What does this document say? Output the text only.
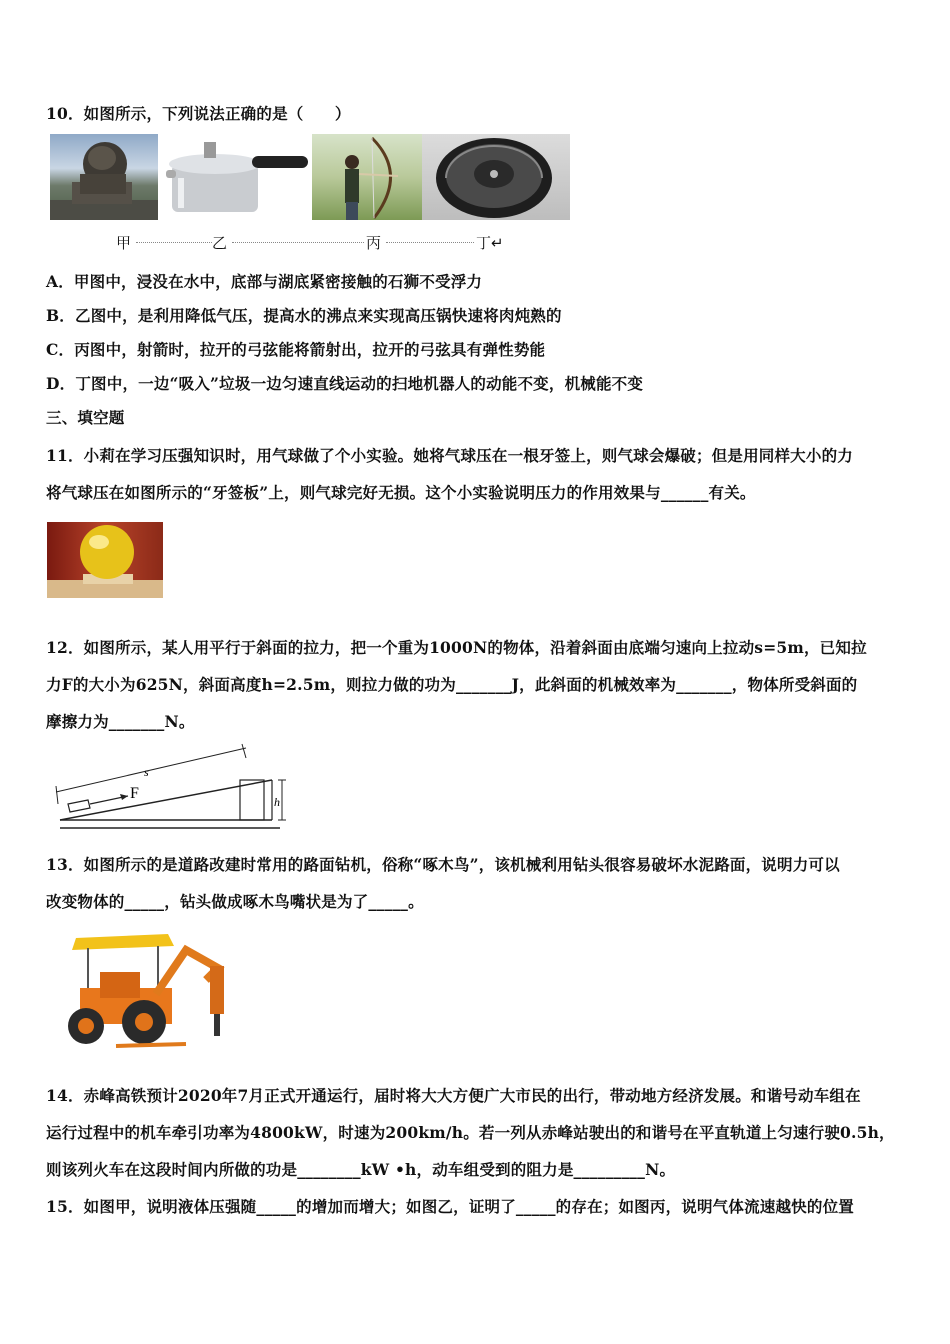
10．如图所示，下列说法正确的是（　　）
甲	乙	丙	丁↵
A．甲图中，浸没在水中，底部与湖底紧密接触的石狮不受浮力
B．乙图中，是利用降低气压，提高水的沸点来实现高压锅快速将肉炖熟的
C．丙图中，射箭时，拉开的弓弦能将箭射出，拉开的弓弦具有弹性势能
D．丁图中，一边“吸入”垃圾一边匀速直线运动的扫地机器人的动能不变，机械能不变
三、填空题
11．小莉在学习压强知识时，用气球做了个小实验。她将气球压在一根牙签上，则气球会爆破；但是用同样大小的力
将气球压在如图所示的“牙签板”上，则气球完好无损。这个小实验说明压力的作用效果与______有关。
12．如图所示，某人用平行于斜面的拉力，把一个重为1000N的物体，沿着斜面由底端匀速向上拉动s=5m，已知拉
力F的大小为625N，斜面高度h=2.5m，则拉力做的功为_______J，此斜面的机械效率为_______，物体所受斜面的
摩擦力为_______N。
F
s
h
13．如图所示的是道路改建时常用的路面钻机，俗称“啄木鸟”，该机械利用钻头很容易破坏水泥路面，说明力可以
改变物体的_____，钻头做成啄木鸟嘴状是为了_____。
14．赤峰高铁预计2020年7月正式开通运行，届时将大大方便广大市民的出行，带动地方经济发展。和谐号动车组在
运行过程中的机车牵引功率为4800kW，时速为200km/h。若一列从赤峰站驶出的和谐号在平直轨道上匀速行驶0.5h，
则该列火车在这段时间内所做的功是________kW •h，动车组受到的阻力是_________N。
15．如图甲，说明液体压强随_____的增加而增大；如图乙，证明了_____的存在；如图丙，说明气体流速越快的位置
